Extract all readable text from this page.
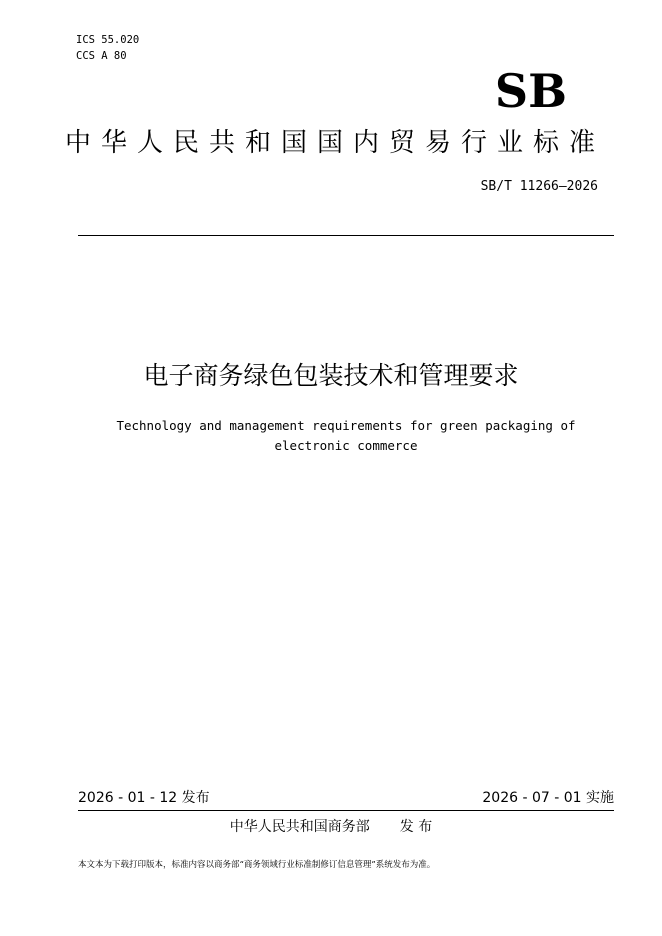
ICS 55.020
CCS A 80
SB
中华人民共和国国内贸易行业标准
SB/T 11266—2026
电子商务绿色包装技术和管理要求
Technology and management requirements for green packaging of electronic commerce
2026 - 01 - 12 发布	2026 - 07 - 01 实施
中华人民共和国商务部 发 布
本文本为下载打印版本，标准内容以商务部“商务领域行业标准制修订信息管理”系统发布为准。
